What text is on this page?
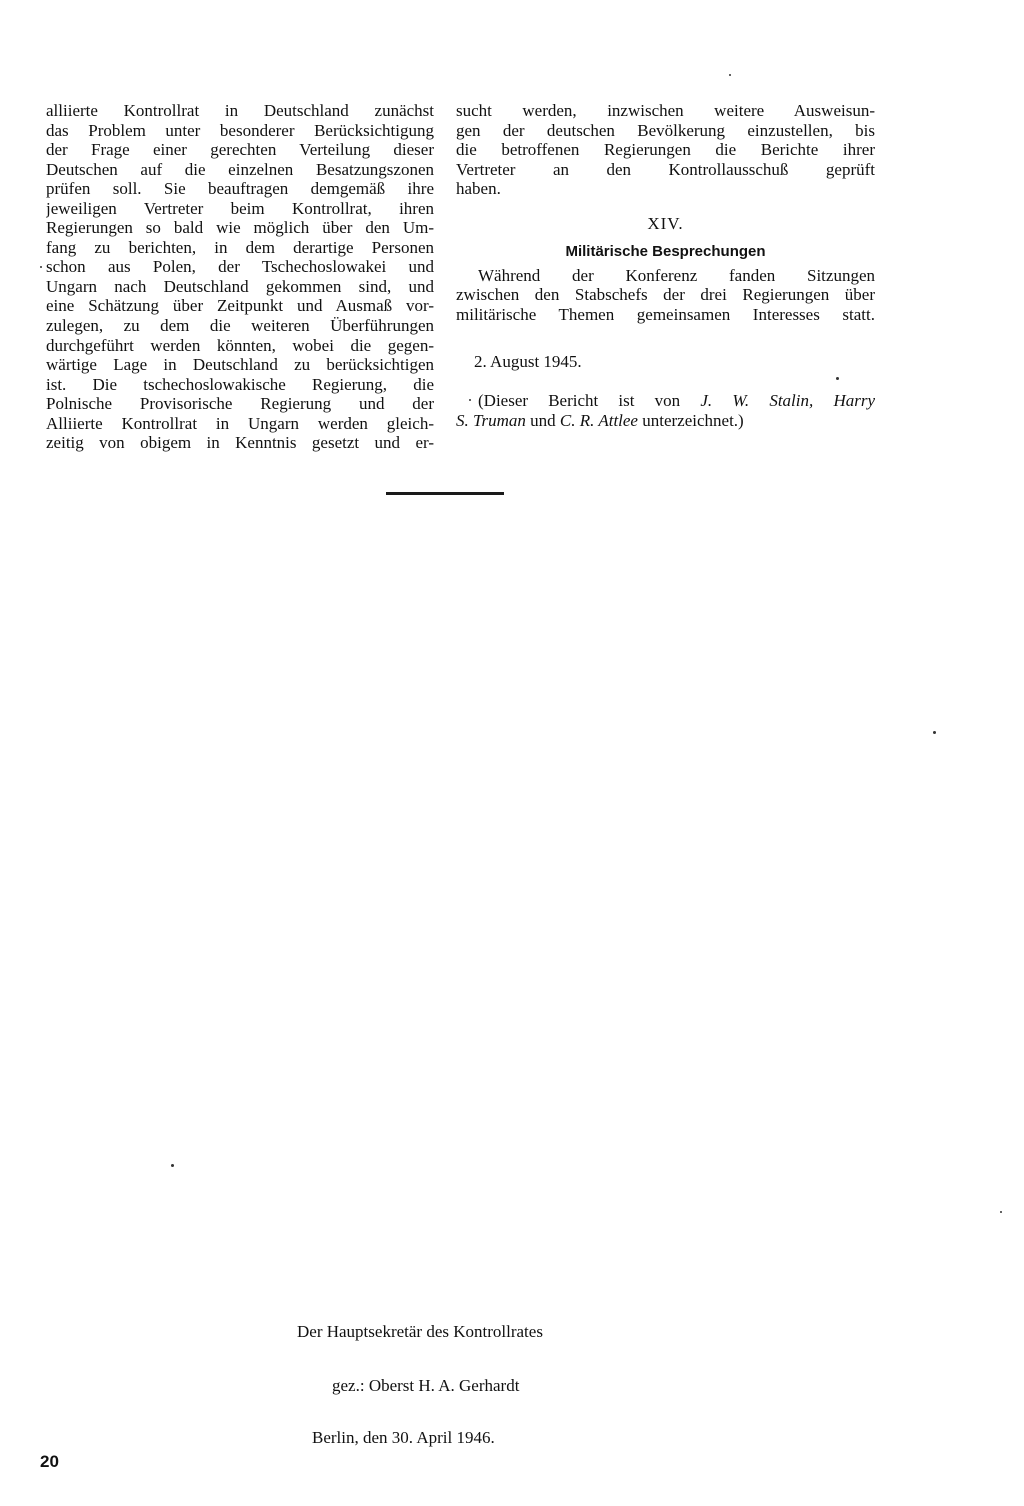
alliierte Kontrollrat in Deutschland zunächst
das Problem unter besonderer Berücksichtigung
der Frage einer gerechten Verteilung dieser
Deutschen auf die einzelnen Besatzungszonen
prüfen soll. Sie beauftragen demgemäß ihre
jeweiligen Vertreter beim Kontrollrat, ihren
Regierungen so bald wie möglich über den Um-
fang zu berichten, in dem derartige Personen
schon aus Polen, der Tschechoslowakei und
Ungarn nach Deutschland gekommen sind, und
eine Schätzung über Zeitpunkt und Ausmaß vor-
zulegen, zu dem die weiteren Überführungen
durchgeführt werden könnten, wobei die gegen-
wärtige Lage in Deutschland zu berücksichtigen
ist. Die tschechoslowakische Regierung, die
Polnische Provisorische Regierung und der
Alliierte Kontrollrat in Ungarn werden gleich-
zeitig von obigem in Kenntnis gesetzt und er-
sucht werden, inzwischen weitere Ausweisun-
gen der deutschen Bevölkerung einzustellen, bis
die betroffenen Regierungen die Berichte ihrer
Vertreter an den Kontrollausschuß geprüft
haben.
XIV.
Militärische Besprechungen
Während der Konferenz fanden Sitzungen
zwischen den Stabschefs der drei Regierungen über
militärische Themen gemeinsamen Interesses statt.
2. August 1945.
(Dieser Bericht ist von J. W. Stalin, Harry
S. Truman und C. R. Attlee unterzeichnet.)
Der Hauptsekretär des Kontrollrates
gez.: Oberst H. A. Gerhardt
Berlin, den 30. April 1946.
20
